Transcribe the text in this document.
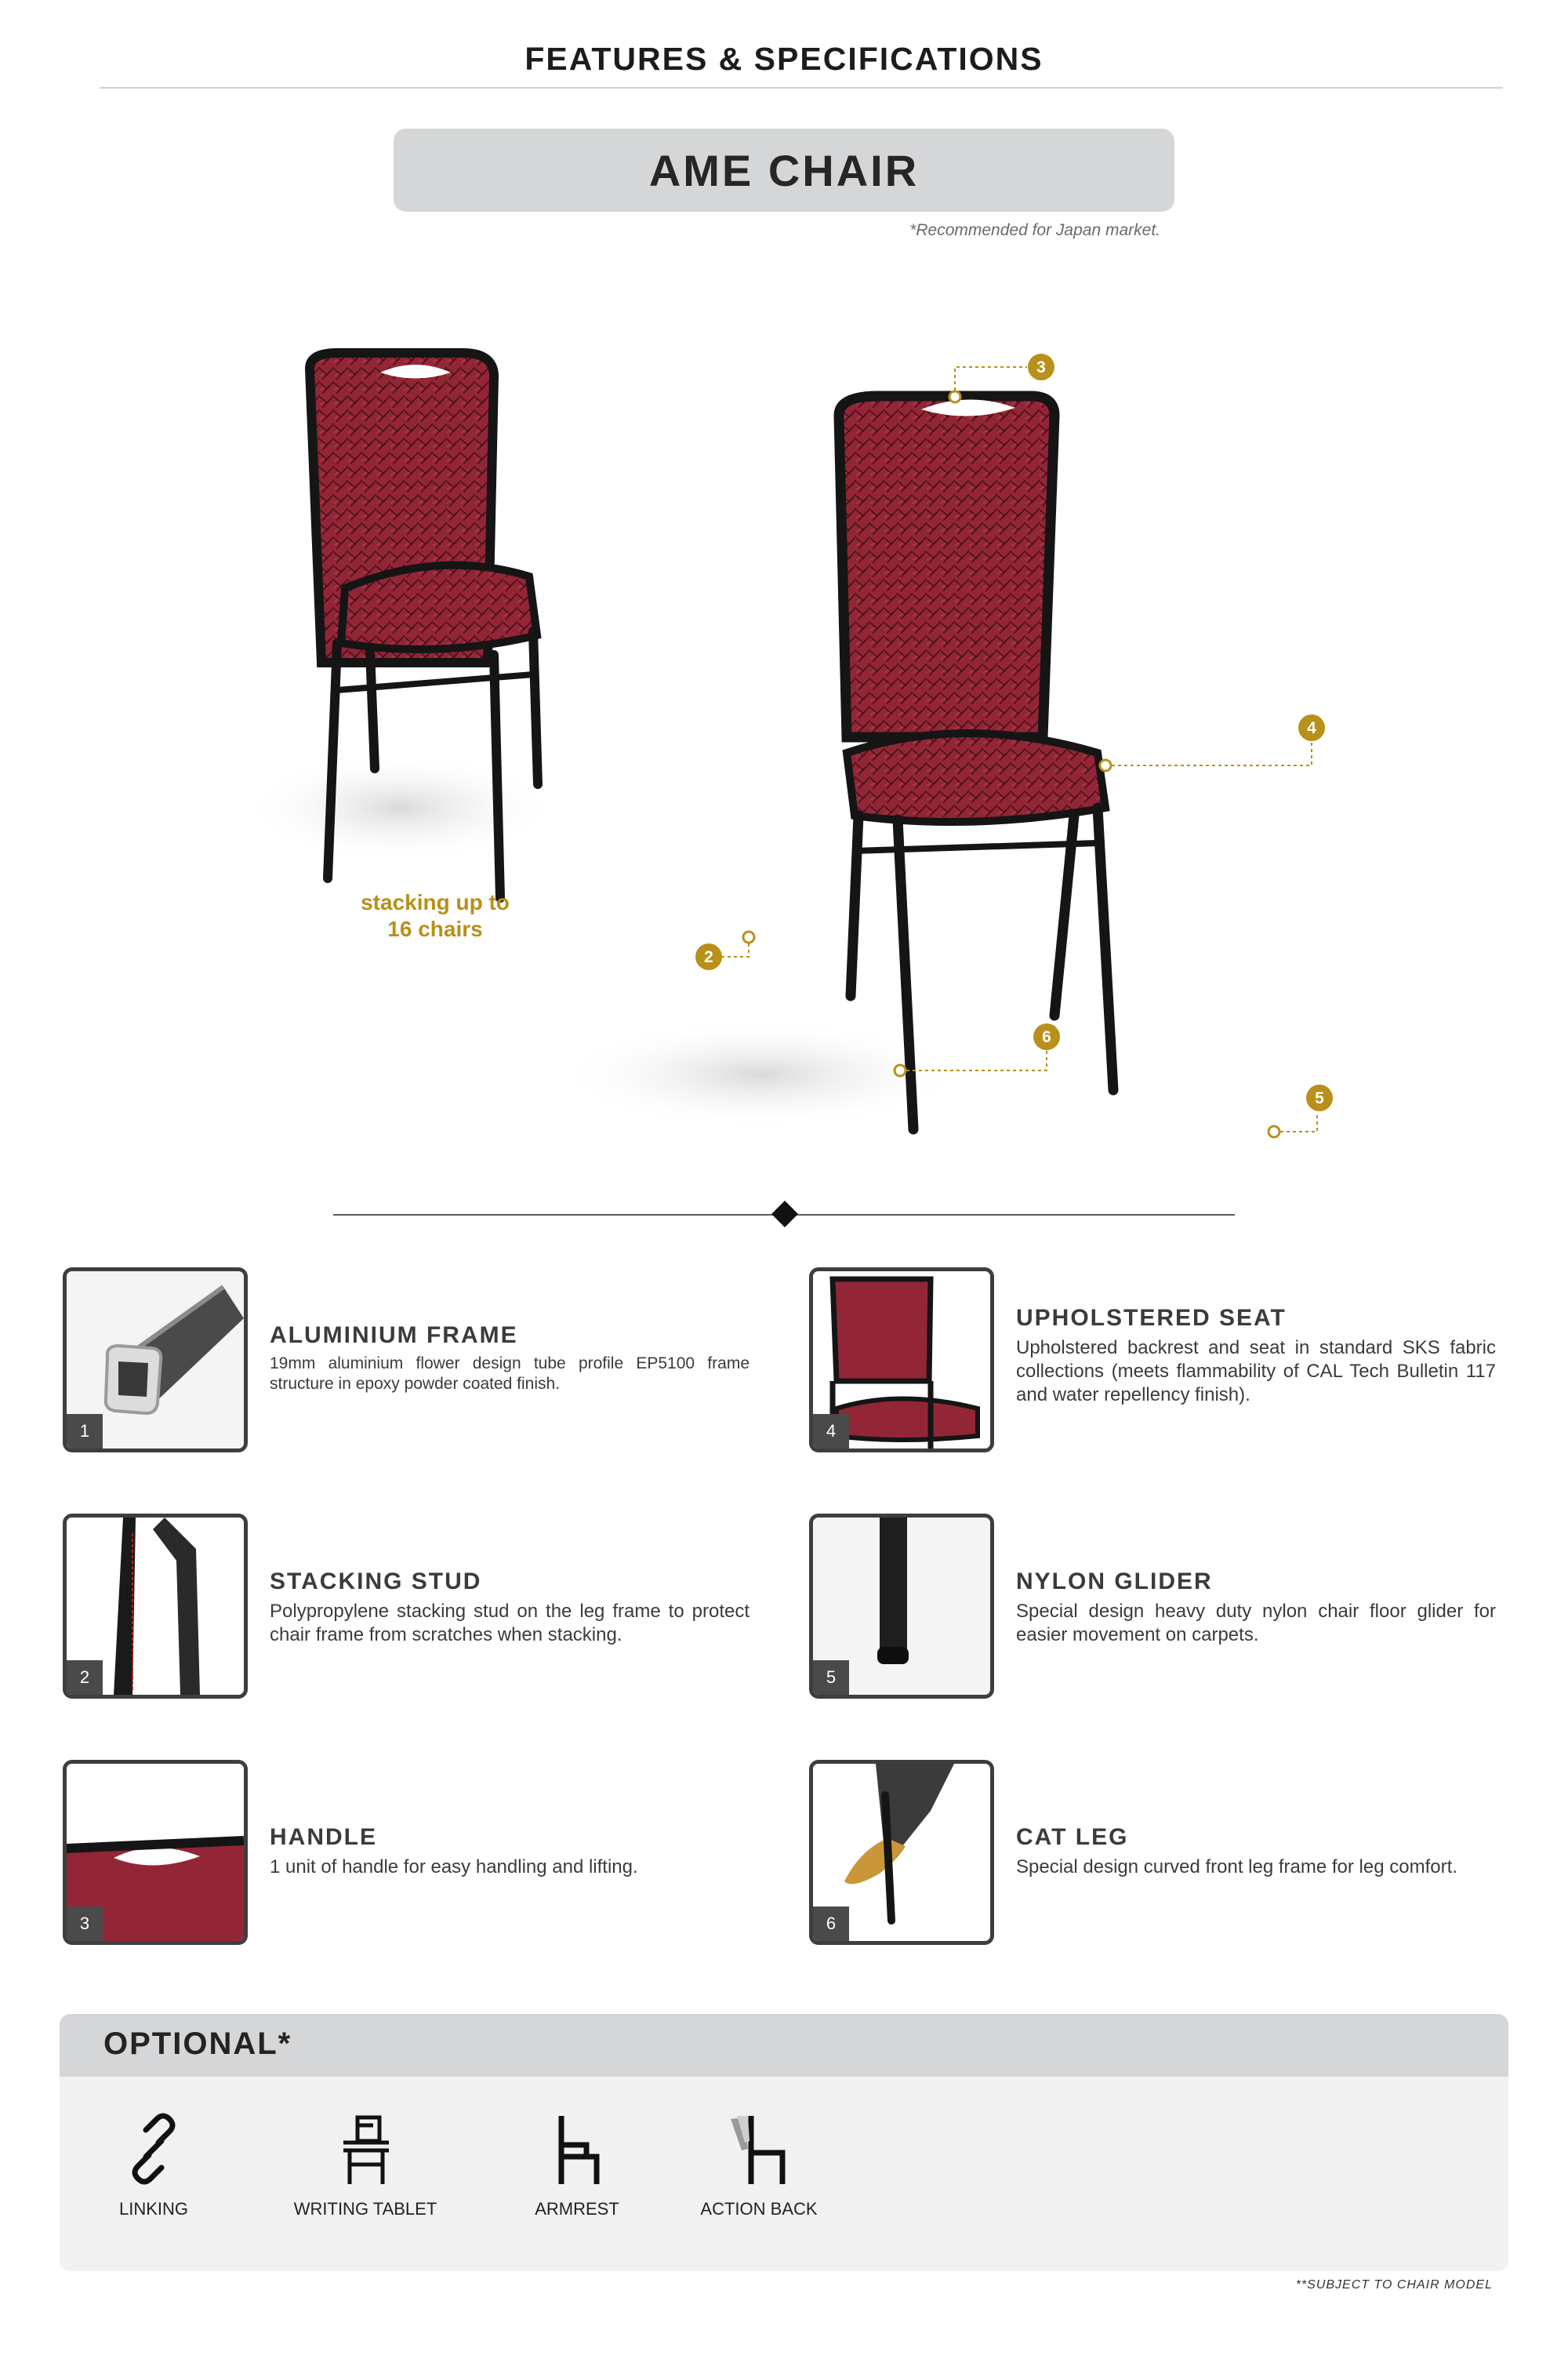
FEATURES & SPECIFICATIONS
AME CHAIR
*Recommended for Japan market.
3
4
2
6
5
stacking up to
16 chairs
1
ALUMINIUM FRAME
19mm aluminium flower design tube profile EP5100 frame structure in epoxy powder coated finish.
4
UPHOLSTERED SEAT
Upholstered backrest and seat in standard SKS fabric collections (meets flammability of CAL Tech Bulletin 117 and water repellency finish).
2
STACKING STUD
Polypropylene stacking stud on the leg frame to protect chair frame from scratches when stacking.
5
NYLON GLIDER
Special design heavy duty nylon chair floor glider for easier movement on carpets.
3
HANDLE
1 unit of handle for easy handling and lifting.
6
CAT LEG
Special design curved front leg frame for leg comfort.
OPTIONAL*
LINKING	WRITING TABLET	ARMREST	ACTION BACK
**SUBJECT TO CHAIR MODEL
